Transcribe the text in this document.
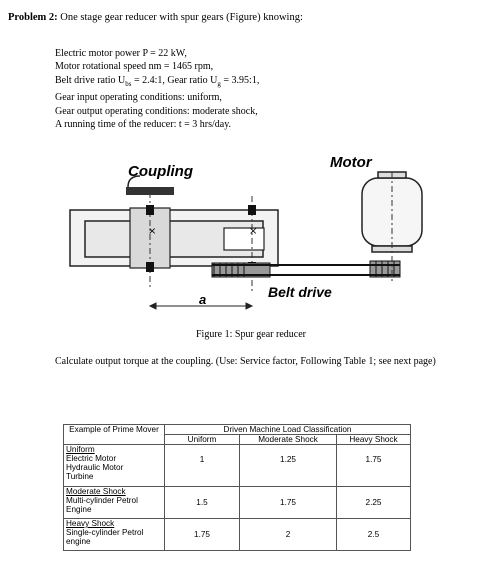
Problem 2: One stage gear reducer with spur gears (Figure) knowing:
Electric motor power P = 22 kW,
Motor rotational speed nm = 1465 rpm,
Belt drive ratio $U_{bs}$ = 2.4:1, Gear ratio $U_g$ = 3.95:1,
Gear input operating conditions: uniform,
Gear output operating conditions: moderate shock,
A running time of the reducer: t = 3 hrs/day.
×	×
Coupling
Motor
Belt drive
a
Figure 1: Spur gear reducer
Calculate output torque at the coupling. (Use: Service factor, Following Table 1; see next page)
Example of Prime Mover	Driven Machine Load Classification		
	Uniform	Moderate Shock	Heavy Shock

Uniform
Electric Motor
Hydraulic Motor
Turbine	1	1.25	1.75

Moderate Shock
Multi-cylinder Petrol
Engine	1.5	1.75	2.25

Heavy Shock
Single-cylinder Petrol
engine	1.75	2	2.5
